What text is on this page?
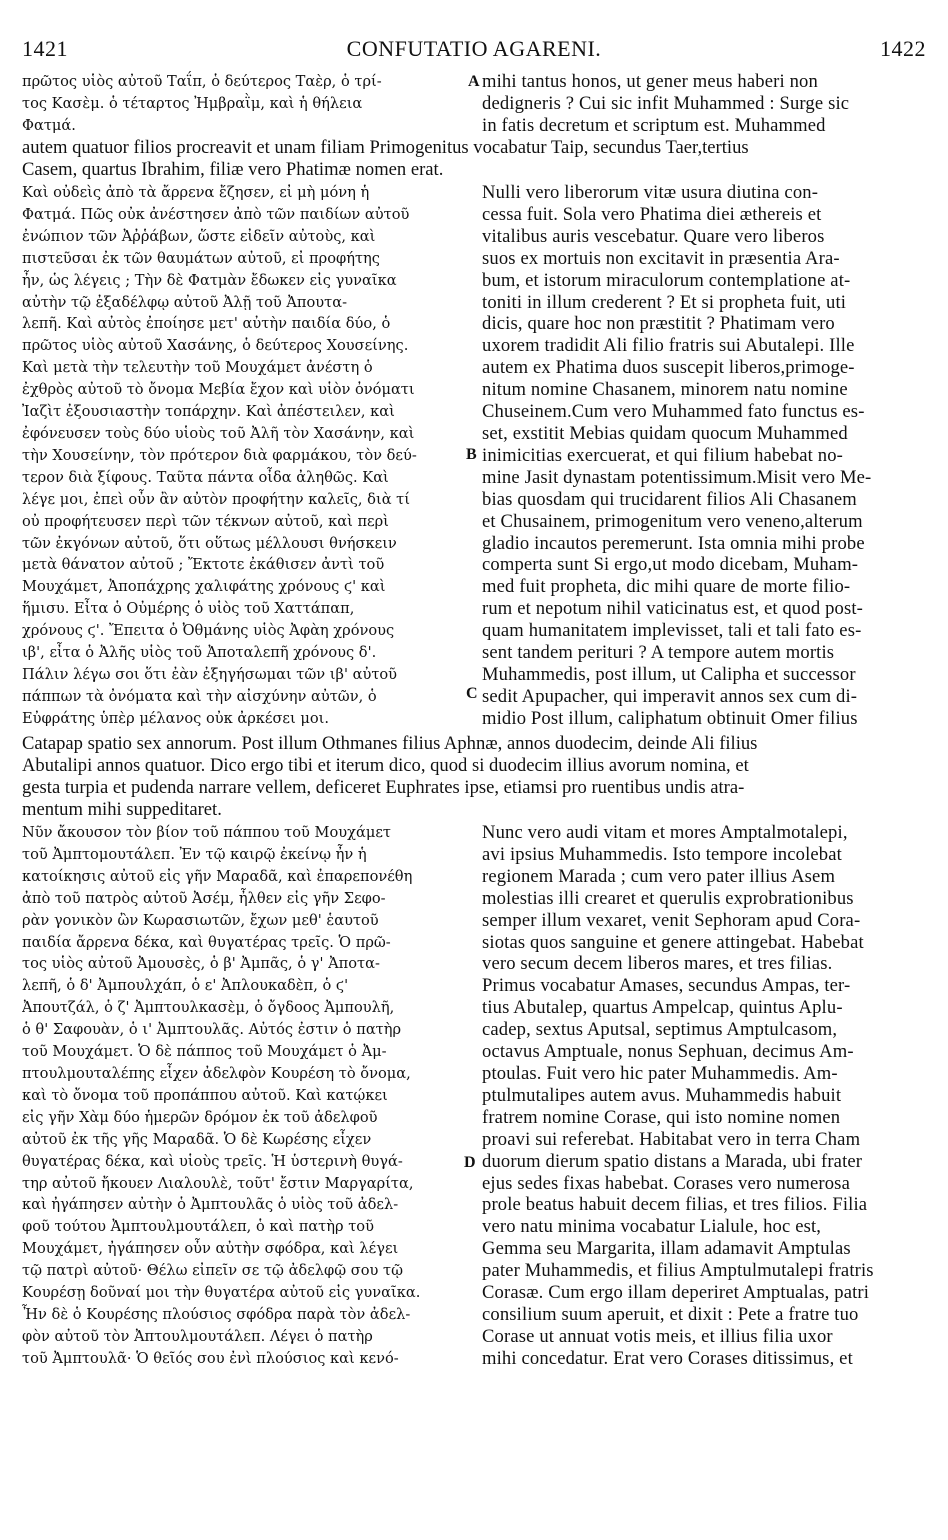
1421	CONFUTATIO AGARENI.	1422
πρῶτος υἱὸς αὐτοῦ Ταΐπ, ὁ δεύτερος Ταὲρ, ὁ τρί-
τος Κασὲμ. ὁ τέταρτος Ἠμβραῒμ, καὶ ἡ θήλεια
Φατμά.
mihi tantus honos, ut gener meus haberi non
dedigneris ? Cui sic infit Muhammed : Surge sic
in fatis decretum et scriptum est. Muhammed
autem quatuor filios procreavit et unam filiam Primogenitus vocabatur Taip, secundus Taer,tertius
Casem, quartus Ibrahim, filiæ vero Phatimæ nomen erat.
Καὶ οὐδεὶς ἀπὸ τὰ ἄρρενα ἔζησεν, εἰ μὴ μόνη ἡ
Φατμά. Πῶς οὐκ ἀνέστησεν ἀπὸ τῶν παιδίων αὐτοῦ
ἐνώπιον τῶν Ἀῤῥάβων, ὥστε εἰδεῖν αὐτοὺς, καὶ
πιστεῦσαι ἐκ τῶν θαυμάτων αὐτοῦ, εἰ προφήτης
ἦν, ὡς λέγεις ; Τὴν δὲ Φατμὰν ἔδωκεν εἰς γυναῖκα
αὐτὴν τῷ ἐξαδέλφῳ αὐτοῦ Ἀλῇ τοῦ Ἀπουτα-
λεπῆ. Καὶ αὐτὸς ἐποίησε μετ' αὐτὴν παιδία δύο, ὁ
πρῶτος υἱὸς αὐτοῦ Χασάνης, ὁ δεύτερος Χουσείνης.
Καὶ μετὰ τὴν τελευτὴν τοῦ Μουχάμετ ἀνέστη ὁ
ἐχθρὸς αὐτοῦ τὸ ὄνομα Μεβία ἔχον καὶ υἱὸν ὀνόματι
Ἰαζὶτ ἐξουσιαστὴν τοπάρχην. Καὶ ἀπέστειλεν, καὶ
ἐφόνευσεν τοὺς δύο υἱοὺς τοῦ Ἀλῆ τὸν Χασάνην, καὶ
τὴν Χουσείνην, τὸν πρότερον διὰ φαρμάκου, τὸν δεύ-
τερον διὰ ξίφους. Ταῦτα πάντα οἶδα ἀληθῶς. Καὶ
λέγε μοι, ἐπεὶ οὖν ἂν αὐτὸν προφήτην καλεῖς, διὰ τί
οὐ προφήτευσεν περὶ τῶν τέκνων αὐτοῦ, καὶ περὶ
τῶν ἐκγόνων αὐτοῦ, ὅτι οὕτως μέλλουσι θνήσκειν
μετὰ θάνατον αὐτοῦ ; Ἔκτοτε ἐκάθισεν ἀντὶ τοῦ
Μουχάμετ, Ἀποπάχρης χαλιφάτης χρόνους ϛ' καὶ
ἥμισυ. Εἶτα ὁ Οὐμέρης ὁ υἱὸς τοῦ Χαττάπαπ,
χρόνους ϛ'. Ἔπειτα ὁ Ὀθμάνης υἱὸς Ἀφὰη χρόνους
ιβ', εἶτα ὁ Ἀλῆς υἱὸς τοῦ Ἀποταλεπῆ χρόνους δ'.
Πάλιν λέγω σοι ὅτι ἐὰν ἐξηγήσωμαι τῶν ιβ' αὐτοῦ
πάππων τὰ ὀνόματα καὶ τὴν αἰσχύνην αὐτῶν, ὁ
Εὐφράτης ὑπὲρ μέλανος οὐκ ἀρκέσει μοι.
Nulli vero liberorum vitæ usura diutina con-
cessa fuit. Sola vero Phatima diei æthereis et
vitalibus auris vescebatur. Quare vero liberos
suos ex mortuis non excitavit in præsentia Ara-
bum, et istorum miraculorum contemplatione at-
toniti in illum crederent ? Et si propheta fuit, uti
dicis, quare hoc non præstitit ? Phatimam vero
uxorem tradidit Ali filio fratris sui Abutalepi. Ille
autem ex Phatima duos suscepit liberos,primoge-
nitum nomine Chasanem, minorem natu nomine
Chuseinem.Cum vero Muhammed fato functus es-
set, exstitit Mebias quidam quocum Muhammed
inimicitias exercuerat, et qui filium habebat no-
mine Jasit dynastam potentissimum.Misit vero Me-
bias quosdam qui trucidarent filios Ali Chasanem
et Chusainem, primogenitum vero veneno,alterum
gladio incautos peremerunt. Ista omnia mihi probe
comperta sunt Si ergo,ut modo dicebam, Muham-
med fuit propheta, dic mihi quare de morte filio-
rum et nepotum nihil vaticinatus est, et quod post-
quam humanitatem implevisset, tali et tali fato es-
sent tandem perituri ? A tempore autem mortis
Muhammedis, post illum, ut Calipha et successor
sedit Apupacher, qui imperavit annos sex cum di-
midio Post illum, caliphatum obtinuit Omer filius
Catapap spatio sex annorum. Post illum Othmanes filius Aphnæ, annos duodecim, deinde Ali filius
Abutalipi annos quatuor. Dico ergo tibi et iterum dico, quod si duodecim illius avorum nomina, et
gesta turpia et pudenda narrare vellem, deficeret Euphrates ipse, etiamsi pro ruentibus undis atra-
mentum mihi suppeditaret.
Νῦν ἄκουσον τὸν βίον τοῦ πάππου τοῦ Μουχάμετ
τοῦ Ἀμπτομουτάλεπ. Ἐν τῷ καιρῷ ἐκείνῳ ἦν ἡ
κατοίκησις αὐτοῦ εἰς γῆν Μαραδᾶ, καὶ ἐπαρεπονέθη
ἀπὸ τοῦ πατρὸς αὐτοῦ Ἀσέμ, ἦλθεν εἰς γῆν Σεφο-
ρὰν γονικὸν ὢν Κωρασιωτῶν, ἔχων μεθ' ἑαυτοῦ
παιδία ἄρρενα δέκα, καὶ θυγατέρας τρεῖς. Ὁ πρῶ-
τος υἱὸς αὐτοῦ Ἀμουσὲς, ὁ β' Ἀμπᾶς, ὁ γ' Ἀποτα-
λεπῆ, ὁ δ' Ἀμπουλχάπ, ὁ ε' Ἀπλουκαδὲπ, ὁ ϛ'
Ἀπουτζάλ, ὁ ζ' Ἀμπτουλκασὲμ, ὁ ὄγδοος Ἀμπουλῆ,
ὁ θ' Σαφουὰν, ὁ ι' Ἀμπτουλᾶς. Αὐτός ἐστιν ὁ πατὴρ
τοῦ Μουχάμετ. Ὁ δὲ πάππος τοῦ Μουχάμετ ὁ Ἀμ-
πτουλμουταλέπης εἶχεν ἀδελφὸν Κουρέση τὸ ὄνομα,
καὶ τὸ ὄνομα τοῦ προπάππου αὐτοῦ. Καὶ κατῴκει
εἰς γῆν Χὰμ δύο ἡμερῶν δρόμον ἐκ τοῦ ἀδελφοῦ
αὐτοῦ ἐκ τῆς γῆς Μαραδᾶ. Ὁ δὲ Κωρέσης εἶχεν
θυγατέρας δέκα, καὶ υἱοὺς τρεῖς. Ἡ ὑστερινὴ θυγά-
τηρ αὐτοῦ ἤκουεν Λιαλουλὲ, τοῦτ' ἔστιν Μαργαρίτα,
καὶ ἠγάπησεν αὐτὴν ὁ Ἀμπτουλᾶς ὁ υἱὸς τοῦ ἀδελ-
φοῦ τούτου Ἀμπτουλμουτάλεπ, ὁ καὶ πατὴρ τοῦ
Μουχάμετ, ἠγάπησεν οὖν αὐτὴν σφόδρα, καὶ λέγει
τῷ πατρὶ αὐτοῦ· Θέλω εἰπεῖν σε τῷ ἀδελφῷ σου τῷ
Κουρέσῃ δοῦναί μοι τὴν θυγατέρα αὐτοῦ εἰς γυναῖκα.
Ἦν δὲ ὁ Κουρέσης πλούσιος σφόδρα παρὰ τὸν ἀδελ-
φὸν αὐτοῦ τὸν Ἀπτουλμουτάλεπ. Λέγει ὁ πατὴρ
τοῦ Ἀμπτουλᾶ· Ὁ θεῖός σου ἐνὶ πλούσιος καὶ κενό-
Nunc vero audi vitam et mores Amptalmotalepi,
avi ipsius Muhammedis. Isto tempore incolebat
regionem Marada ; cum vero pater illius Asem
molestias illi crearet et querulis exprobrationibus
semper illum vexaret, venit Sephoram apud Cora-
siotas quos sanguine et genere attingebat. Habebat
vero secum decem liberos mares, et tres filias.
Primus vocabatur Amases, secundus Ampas, ter-
tius Abutalep, quartus Ampelcap, quintus Aplu-
cadep, sextus Aputsal, septimus Amptulcasom,
octavus Amptuale, nonus Sephuan, decimus Am-
ptoulas. Fuit vero hic pater Muhammedis. Am-
ptulmutalipes autem avus. Muhammedis habuit
fratrem nomine Corase, qui isto nomine nomen
proavi sui referebat. Habitabat vero in terra Cham
duorum dierum spatio distans a Marada, ubi frater
ejus sedes fixas habebat. Corases vero numerosa
prole beatus habuit decem filias, et tres filios. Filia
vero natu minima vocabatur Lialule, hoc est,
Gemma seu Margarita, illam adamavit Amptulas
pater Muhammedis, et filius Amptulmutalepi fratris
Corasæ. Cum ergo illam deperiret Amptualas, patri
consilium suum aperuit, et dixit : Pete a fratre tuo
Corase ut annuat votis meis, et illius filia uxor
mihi concedatur. Erat vero Corases ditissimus, et
A
B
C
D
